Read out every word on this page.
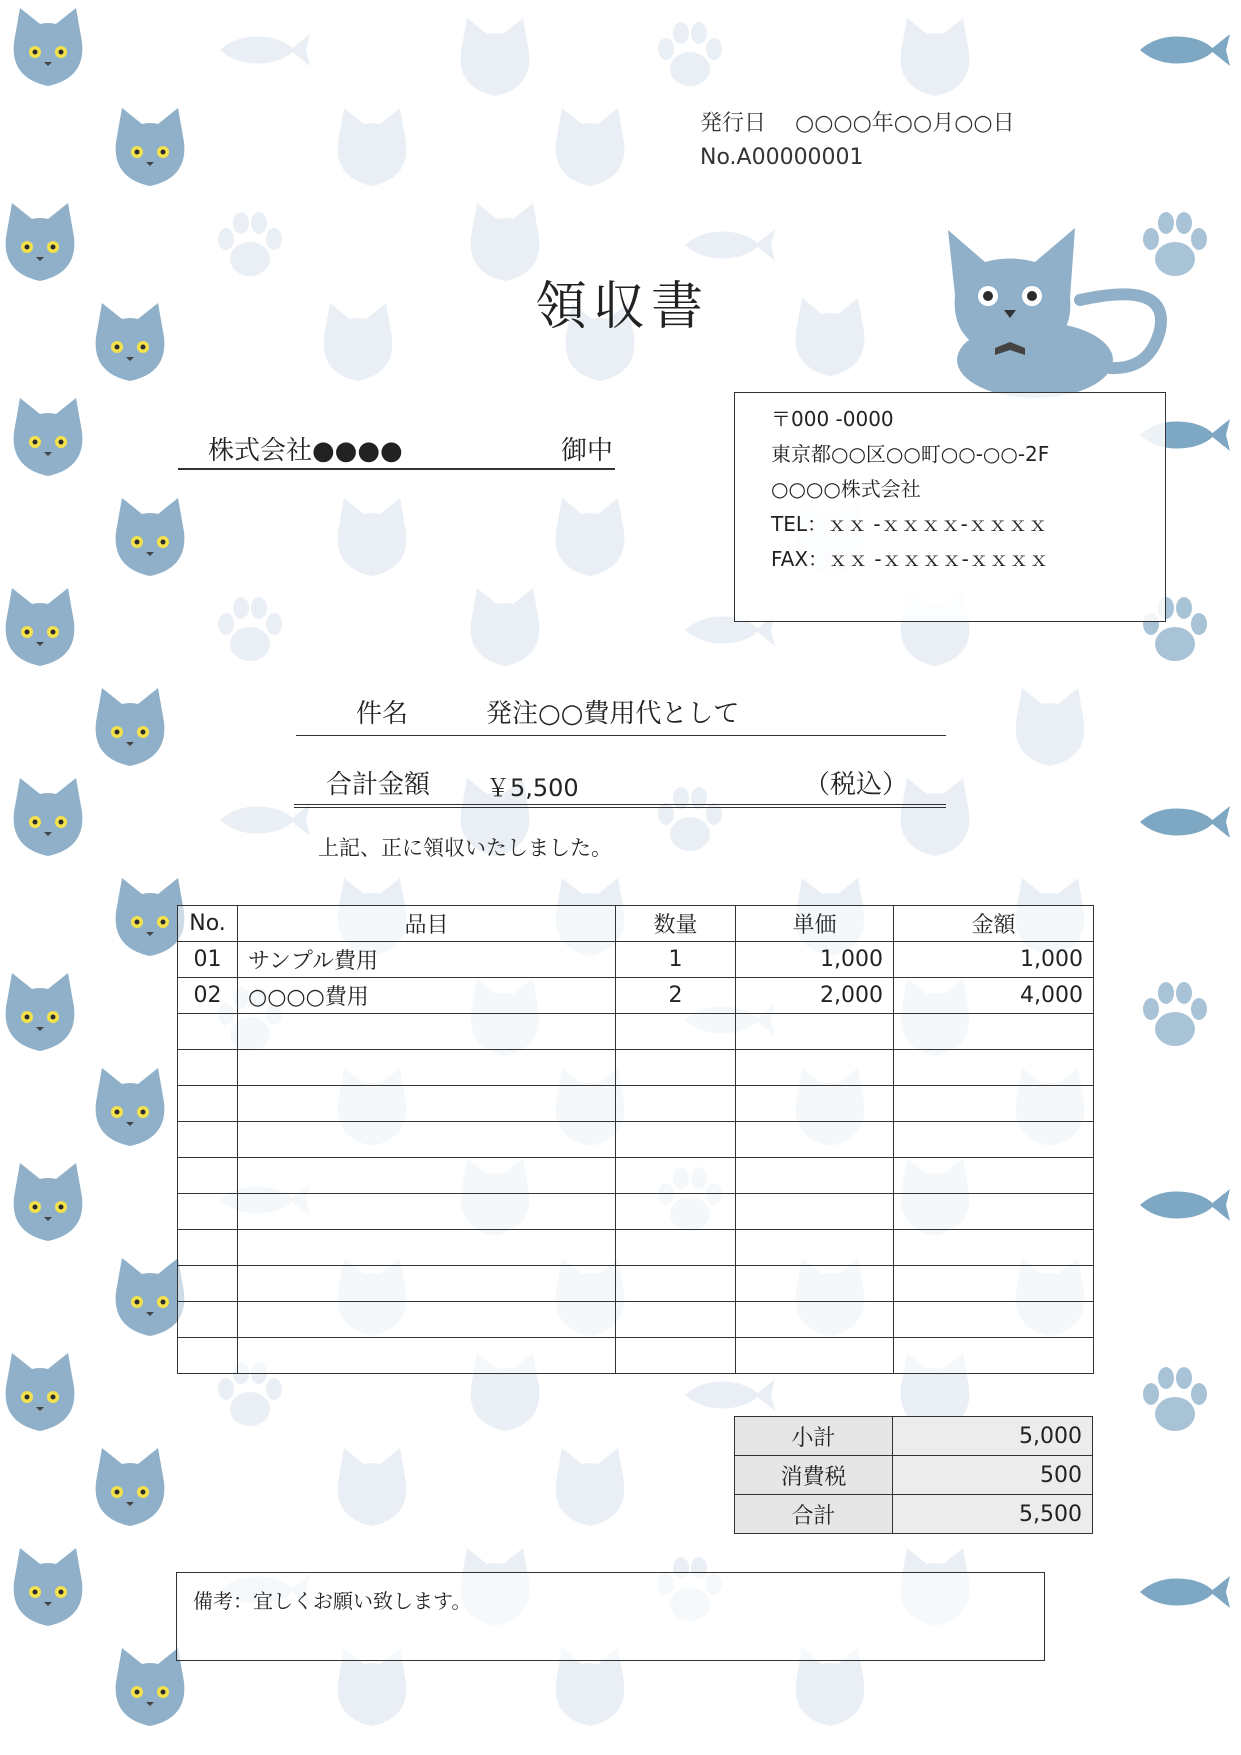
発行日 ○○○○年○○月○○日
No.A00000001
領収書
株式会社●●●●	御中
〒000 -0000
東京都○○区○○町○○-○○-2F
○○○○株式会社
TEL：ｘｘ -ｘｘｘｘ-ｘｘｘｘ
FAX：ｘｘ -ｘｘｘｘ-ｘｘｘｘ
件名	発注○○費用代として
合計金額 ￥5,500	（税込）
上記、正に領収いたしました。
No.	品目	数量	単価	金額
01	サンプル費用	1	1,000	1,000
02	○○○○費用	2	2,000	4,000

小計	5,000
消費税	500
合計	5,500
備考：宜しくお願い致します。
